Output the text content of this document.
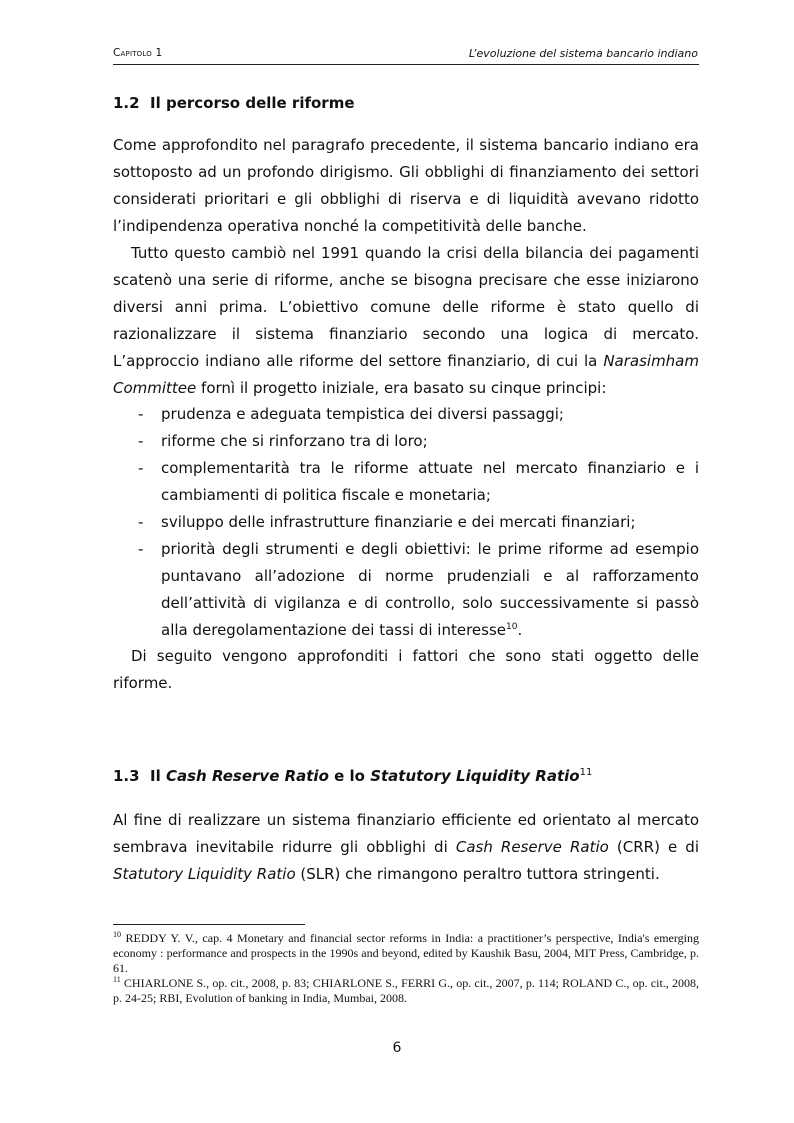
Capitolo 1	L’evoluzione del sistema bancario indiano
1.2 Il percorso delle riforme

Come approfondito nel paragrafo precedente, il sistema bancario indiano era sottoposto ad un profondo dirigismo. Gli obblighi di finanziamento dei settori considerati prioritari e gli obblighi di riserva e di liquidità avevano ridotto l’indipendenza operativa nonché la competitività delle banche.

Tutto questo cambiò nel 1991 quando la crisi della bilancia dei pagamenti scatenò una serie di riforme, anche se bisogna precisare che esse iniziarono diversi anni prima. L’obiettivo comune delle riforme è stato quello di razionalizzare il sistema finanziario secondo una logica di mercato. L’approccio indiano alle riforme del settore finanziario, di cui la Narasimham Committee fornì il progetto iniziale, era basato su cinque principi:

- prudenza e adeguata tempistica dei diversi passaggi;
- riforme che si rinforzano tra di loro;
- complementarità tra le riforme attuate nel mercato finanziario e i cambiamenti di politica fiscale e monetaria;
- sviluppo delle infrastrutture finanziarie e dei mercati finanziari;
- priorità degli strumenti e degli obiettivi: le prime riforme ad esempio puntavano all’adozione di norme prudenziali e al rafforzamento dell’attività di vigilanza e di controllo, solo successivamente si passò alla deregolamentazione dei tassi di interesse$^{10}$.

Di seguito vengono approfonditi i fattori che sono stati oggetto delle riforme.

1.3 Il Cash Reserve Ratio e lo Statutory Liquidity Ratio$^{11}$

Al fine di realizzare un sistema finanziario efficiente ed orientato al mercato sembrava inevitabile ridurre gli obblighi di Cash Reserve Ratio (CRR) e di Statutory Liquidity Ratio (SLR) che rimangono peraltro tuttora stringenti.

$^{10}$ REDDY Y. V., cap. 4 Monetary and financial sector reforms in India: a practitioner’s perspective, India's emerging economy : performance and prospects in the 1990s and beyond, edited by Kaushik Basu, 2004, MIT Press, Cambridge, p. 61.

$^{11}$ CHIARLONE S., op. cit., 2008, p. 83; CHIARLONE S., FERRI G., op. cit., 2007, p. 114; ROLAND C., op. cit., 2008, p. 24-25; RBI, Evolution of banking in India, Mumbai, 2008.

6
